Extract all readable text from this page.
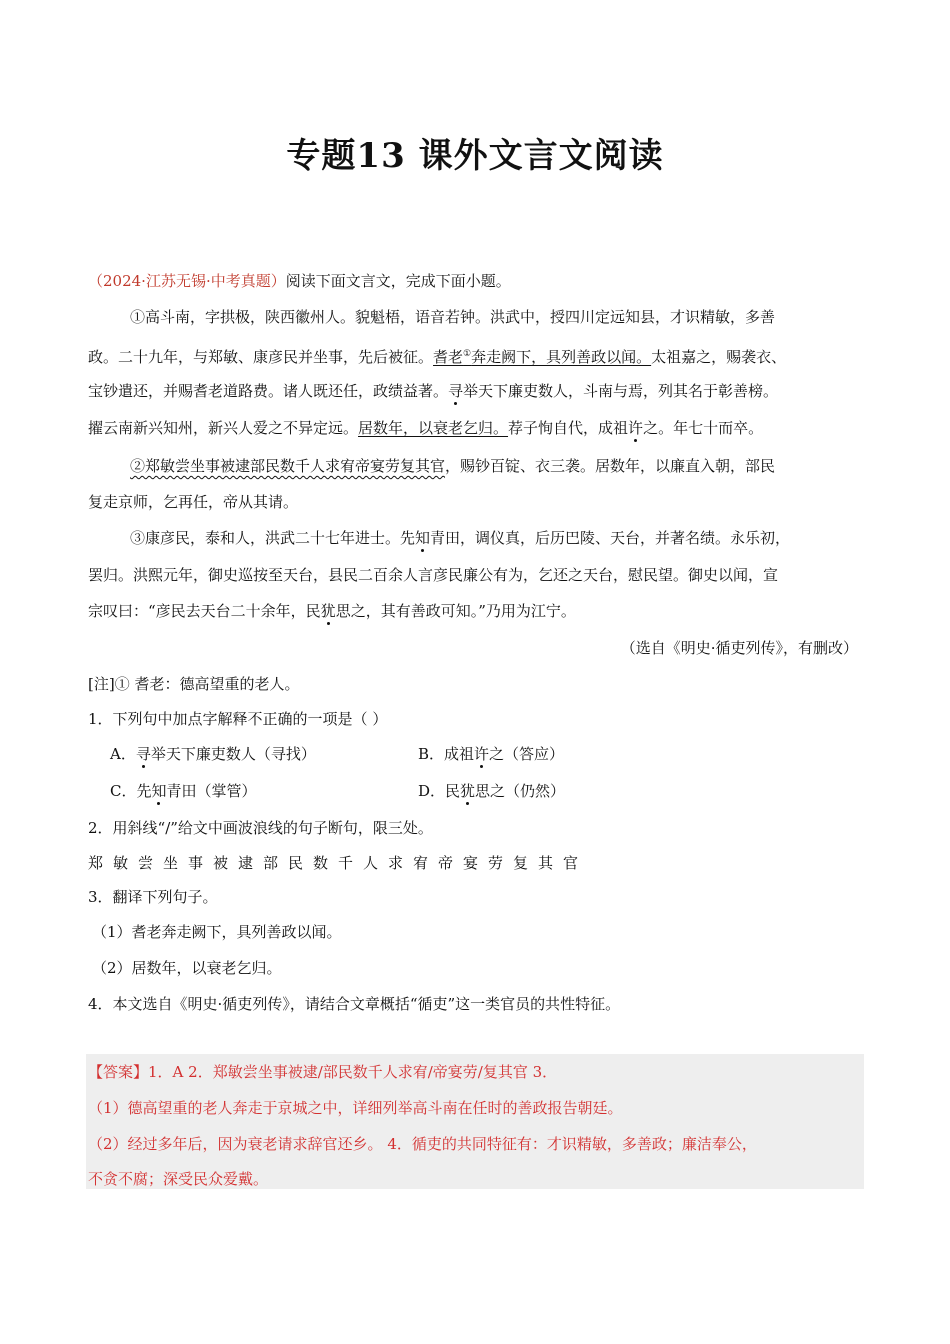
专题13 课外文言文阅读
（2024·江苏无锡·中考真题）阅读下面文言文，完成下面小题。
①高斗南，字拱极，陕西徽州人。貌魁梧，语音若钟。洪武中，授四川定远知县，才识精敏，多善
政。二十九年，与郑敏、康彦民并坐事，先后被征。耆老①奔走阙下，具列善政以闻。太祖嘉之，赐袭衣、
宝钞遣还，并赐耆老道路费。诸人既还任，政绩益著。寻举天下廉吏数人，斗南与焉，列其名于彰善榜。
擢云南新兴知州，新兴人爱之不异定远。居数年，以衰老乞归。荐子恂自代，成祖许之。年七十而卒。
②郑敏尝坐事被逮部民数千人求宥帝宴劳复其官，赐钞百锭、衣三袭。居数年，以廉直入朝，部民
复走京师，乞再任，帝从其请。
③康彦民，泰和人，洪武二十七年进士。先知青田，调仪真，后历巴陵、天台，并著名绩。永乐初，
罢归。洪熙元年，御史巡按至天台，县民二百余人言彦民廉公有为，乞还之天台，慰民望。御史以闻，宣
宗叹曰：“彦民去天台二十余年，民犹思之，其有善政可知。”乃用为江宁。
（选自《明史·循吏列传》，有删改）
[注]① 耆老：德高望重的老人。
1．下列句中加点字解释不正确的一项是（ ）
A．寻举天下廉吏数人（寻找）	B．成祖许之（答应）
C．先知青田（掌管）	D．民犹思之（仍然）
2．用斜线“/”给文中画波浪线的句子断句，限三处。
郑 敏 尝 坐 事 被 逮 部 民 数 千 人 求 宥 帝 宴 劳 复 其 官
3．翻译下列句子。
（1）耆老奔走阙下，具列善政以闻。
（2）居数年，以衰老乞归。
4．本文选自《明史·循吏列传》，请结合文章概括“循吏”这一类官员的共性特征。
【答案】1．A 2．郑敏尝坐事被逮/部民数千人求宥/帝宴劳/复其官 3．
（1）德高望重的老人奔走于京城之中，详细列举高斗南在任时的善政报告朝廷。
（2）经过多年后，因为衰老请求辞官还乡。 4．循吏的共同特征有：才识精敏，多善政；廉洁奉公，
不贪不腐；深受民众爱戴。
